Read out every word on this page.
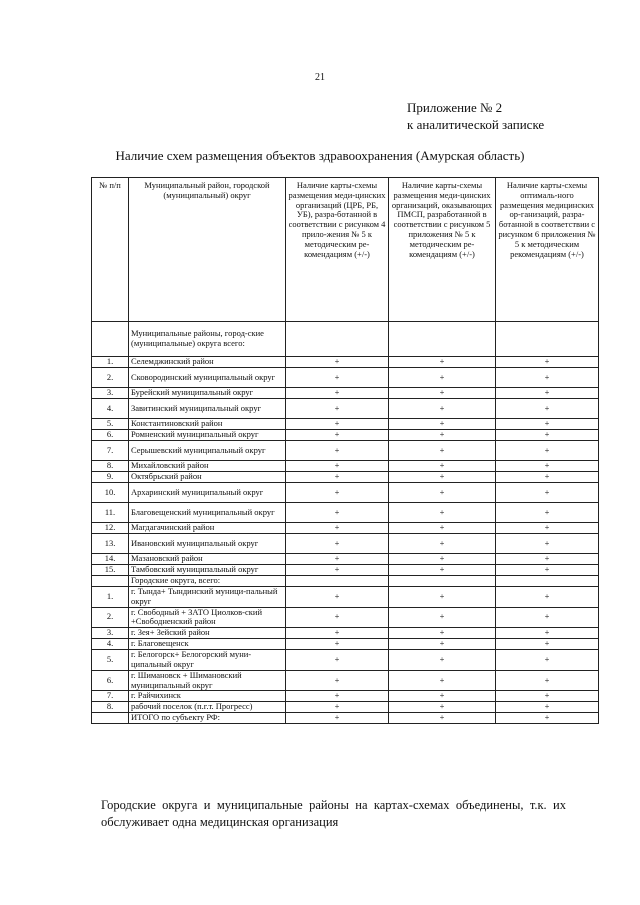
21
Приложение № 2
к аналитической записке
Наличие схем размещения объектов здравоохранения (Амурская область)
№ п/п	Муниципальный район, городской (муниципальный) округ	Наличие карты-схемы размещения меди-цинских организаций (ЦРБ, РБ, УБ), разра-ботанной в соответствии с рисунком 4 прило-жения № 5 к методическим ре-комендациям (+/-)	Наличие карты-схемы размещения меди-цинских организаций, оказывающих ПМСП, разработанной в соответствии с рисунком 5 приложения № 5 к методическим ре-комендациям (+/-)	Наличие карты-схемы оптималь-ного размещения медицинских ор-ганизаций, разра-ботанной в соответствии с рисунком 6 приложения № 5 к методическим рекомендациям (+/-)
	Муниципальные районы, город-ские (муниципальные) округа всего:			
1.	Селемджинский район	+	+	+
2.	Сковородинский муниципальный округ	+	+	+
3.	Бурейский муниципальный округ	+	+	+
4.	Завитинский муниципальный округ	+	+	+
5.	Константиновский район	+	+	+
6.	Ромненский муниципальный округ	+	+	+
7.	Серышевский муниципальный округ	+	+	+
8.	Михайловский район	+	+	+
9.	Октябрьский район	+	+	+
10.	Архаринский муниципальный округ	+	+	+
11.	Благовещенский муниципальный округ	+	+	+
12.	Магдагачинский район	+	+	+
13.	Ивановский муниципальный округ	+	+	+
14.	Мазановский район	+	+	+
15.	Тамбовский муниципальный округ	+	+	+
	Городские округа, всего:			
1.	г. Тында+ Тындинский муници-пальный округ	+	+	+
2.	г. Свободный + ЗАТО Циолков-ский +Свободненский район	+	+	+
3.	г. Зея+ Зейский район	+	+	+
4.	г. Благовещенск	+	+	+
5.	г. Белогорск+ Белогорский муни-ципальный округ	+	+	+
6.	г. Шимановск + Шимановский муниципальный округ	+	+	+
7.	г. Райчихинск	+	+	+
8.	рабочий поселок (п.г.т. Прогресс)	+	+	+
	ИТОГО по субъекту РФ:	+	+	+
Городские округа и муниципальные районы на картах-схемах объединены, т.к. их обслуживает одна медицинская организация
